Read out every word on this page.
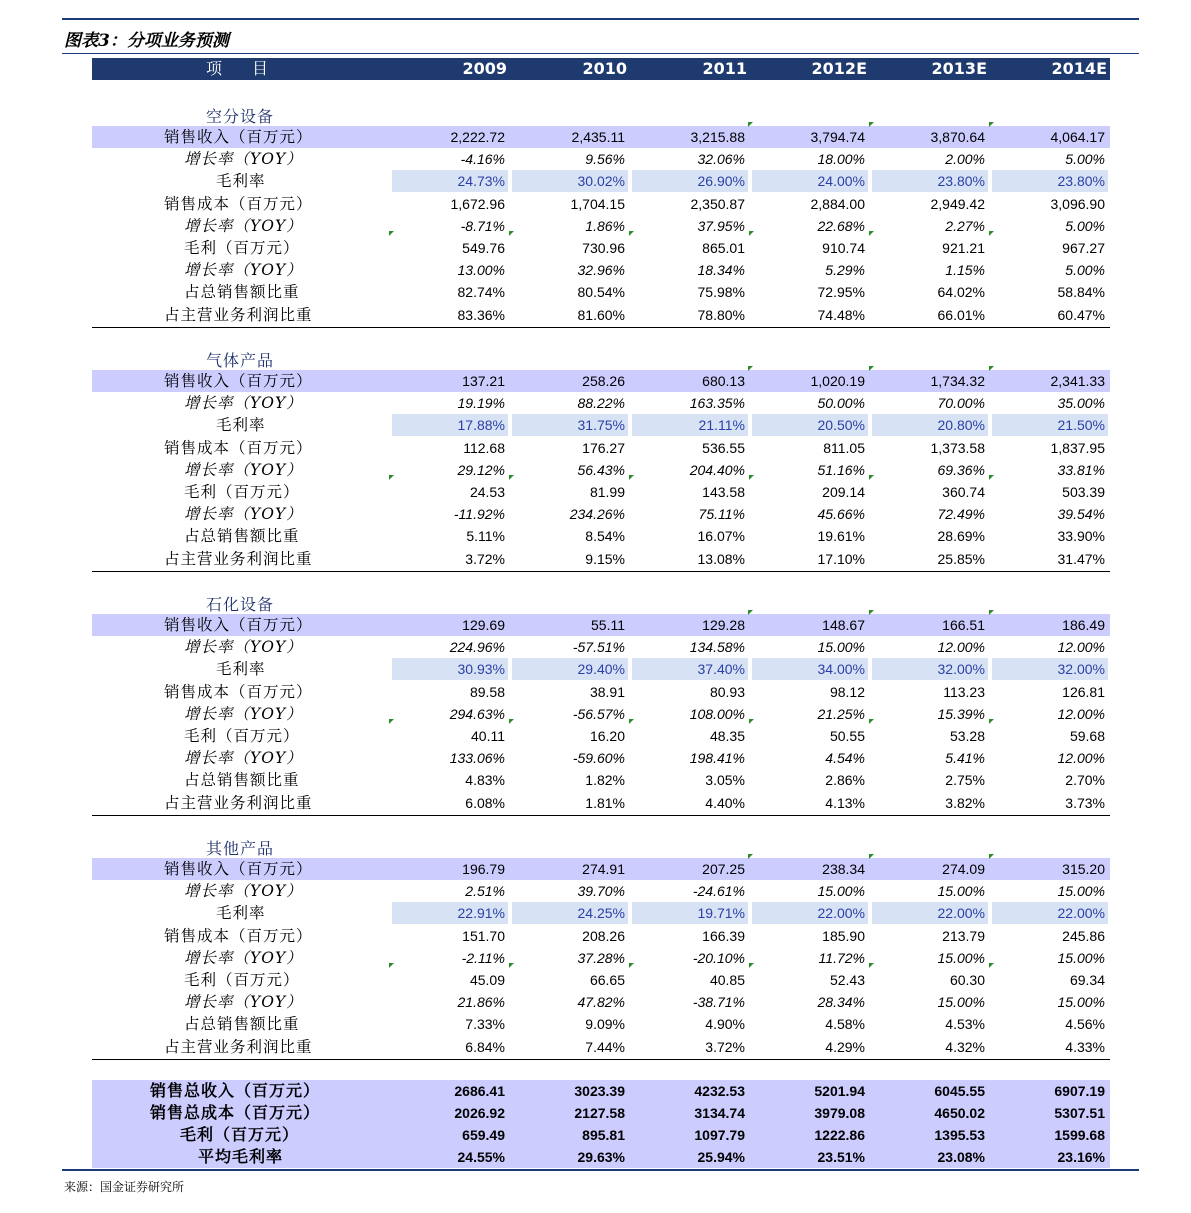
图表3：分项业务预测
项目	2009	2010	2011	2012E	2013E	2014E
空分设备
销售收入（百万元）	2,222.72	2,435.11	3,215.88	3,794.74	3,870.64	4,064.17
增长率（YOY）	-4.16%	9.56%	32.06%	18.00%	2.00%	5.00%
毛利率	24.73%	30.02%	26.90%	24.00%	23.80%	23.80%
销售成本（百万元）	1,672.96	1,704.15	2,350.87	2,884.00	2,949.42	3,096.90
增长率（YOY）	-8.71%	1.86%	37.95%	22.68%	2.27%	5.00%
毛利（百万元）	549.76	730.96	865.01	910.74	921.21	967.27
增长率（YOY）	13.00%	32.96%	18.34%	5.29%	1.15%	5.00%
占总销售额比重	82.74%	80.54%	75.98%	72.95%	64.02%	58.84%
占主营业务利润比重	83.36%	81.60%	78.80%	74.48%	66.01%	60.47%
气体产品
销售收入（百万元）	137.21	258.26	680.13	1,020.19	1,734.32	2,341.33
增长率（YOY）	19.19%	88.22%	163.35%	50.00%	70.00%	35.00%
毛利率	17.88%	31.75%	21.11%	20.50%	20.80%	21.50%
销售成本（百万元）	112.68	176.27	536.55	811.05	1,373.58	1,837.95
增长率（YOY）	29.12%	56.43%	204.40%	51.16%	69.36%	33.81%
毛利（百万元）	24.53	81.99	143.58	209.14	360.74	503.39
增长率（YOY）	-11.92%	234.26%	75.11%	45.66%	72.49%	39.54%
占总销售额比重	5.11%	8.54%	16.07%	19.61%	28.69%	33.90%
占主营业务利润比重	3.72%	9.15%	13.08%	17.10%	25.85%	31.47%
石化设备
销售收入（百万元）	129.69	55.11	129.28	148.67	166.51	186.49
增长率（YOY）	224.96%	-57.51%	134.58%	15.00%	12.00%	12.00%
毛利率	30.93%	29.40%	37.40%	34.00%	32.00%	32.00%
销售成本（百万元）	89.58	38.91	80.93	98.12	113.23	126.81
增长率（YOY）	294.63%	-56.57%	108.00%	21.25%	15.39%	12.00%
毛利（百万元）	40.11	16.20	48.35	50.55	53.28	59.68
增长率（YOY）	133.06%	-59.60%	198.41%	4.54%	5.41%	12.00%
占总销售额比重	4.83%	1.82%	3.05%	2.86%	2.75%	2.70%
占主营业务利润比重	6.08%	1.81%	4.40%	4.13%	3.82%	3.73%
其他产品
销售收入（百万元）	196.79	274.91	207.25	238.34	274.09	315.20
增长率（YOY）	2.51%	39.70%	-24.61%	15.00%	15.00%	15.00%
毛利率	22.91%	24.25%	19.71%	22.00%	22.00%	22.00%
销售成本（百万元）	151.70	208.26	166.39	185.90	213.79	245.86
增长率（YOY）	-2.11%	37.28%	-20.10%	11.72%	15.00%	15.00%
毛利（百万元）	45.09	66.65	40.85	52.43	60.30	69.34
增长率（YOY）	21.86%	47.82%	-38.71%	28.34%	15.00%	15.00%
占总销售额比重	7.33%	9.09%	4.90%	4.58%	4.53%	4.56%
占主营业务利润比重	6.84%	7.44%	3.72%	4.29%	4.32%	4.33%
销售总收入（百万元）	2686.41	3023.39	4232.53	5201.94	6045.55	6907.19
销售总成本（百万元）	2026.92	2127.58	3134.74	3979.08	4650.02	5307.51
毛利（百万元）	659.49	895.81	1097.79	1222.86	1395.53	1599.68
平均毛利率	24.55%	29.63%	25.94%	23.51%	23.08%	23.16%
来源：国金证券研究所
